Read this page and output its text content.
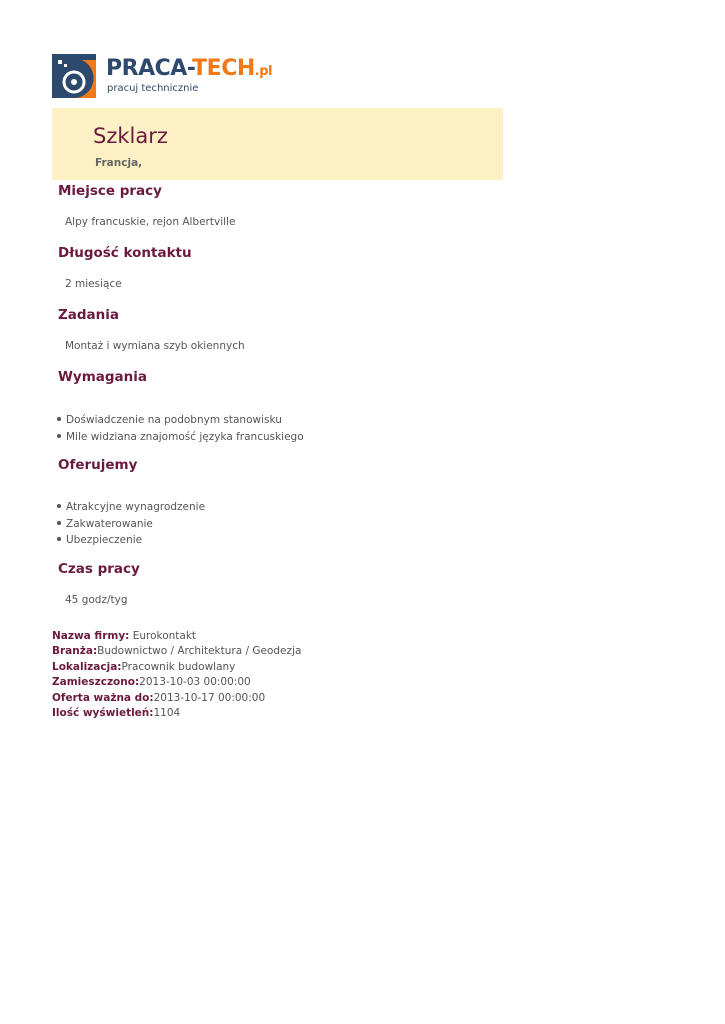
PRACA-TECH.pl
pracuj technicznie
Szklarz
Francja,
Miejsce pracy
Alpy francuskie, rejon Albertville
Długość kontaktu
2 miesiące
Zadania
Montaż i wymiana szyb okiennych
Wymagania
Doświadczenie na podobnym stanowisku
Mile widziana znajomość języka francuskiego
Oferujemy
Atrakcyjne wynagrodzenie
Zakwaterowanie
Ubezpieczenie
Czas pracy
45 godz/tyg
Nazwa firmy: Eurokontakt
Branża:Budownictwo / Architektura / Geodezja
Lokalizacja:Pracownik budowlany
Zamieszczono:2013-10-03 00:00:00
Oferta ważna do:2013-10-17 00:00:00
Ilość wyświetleń:1104
